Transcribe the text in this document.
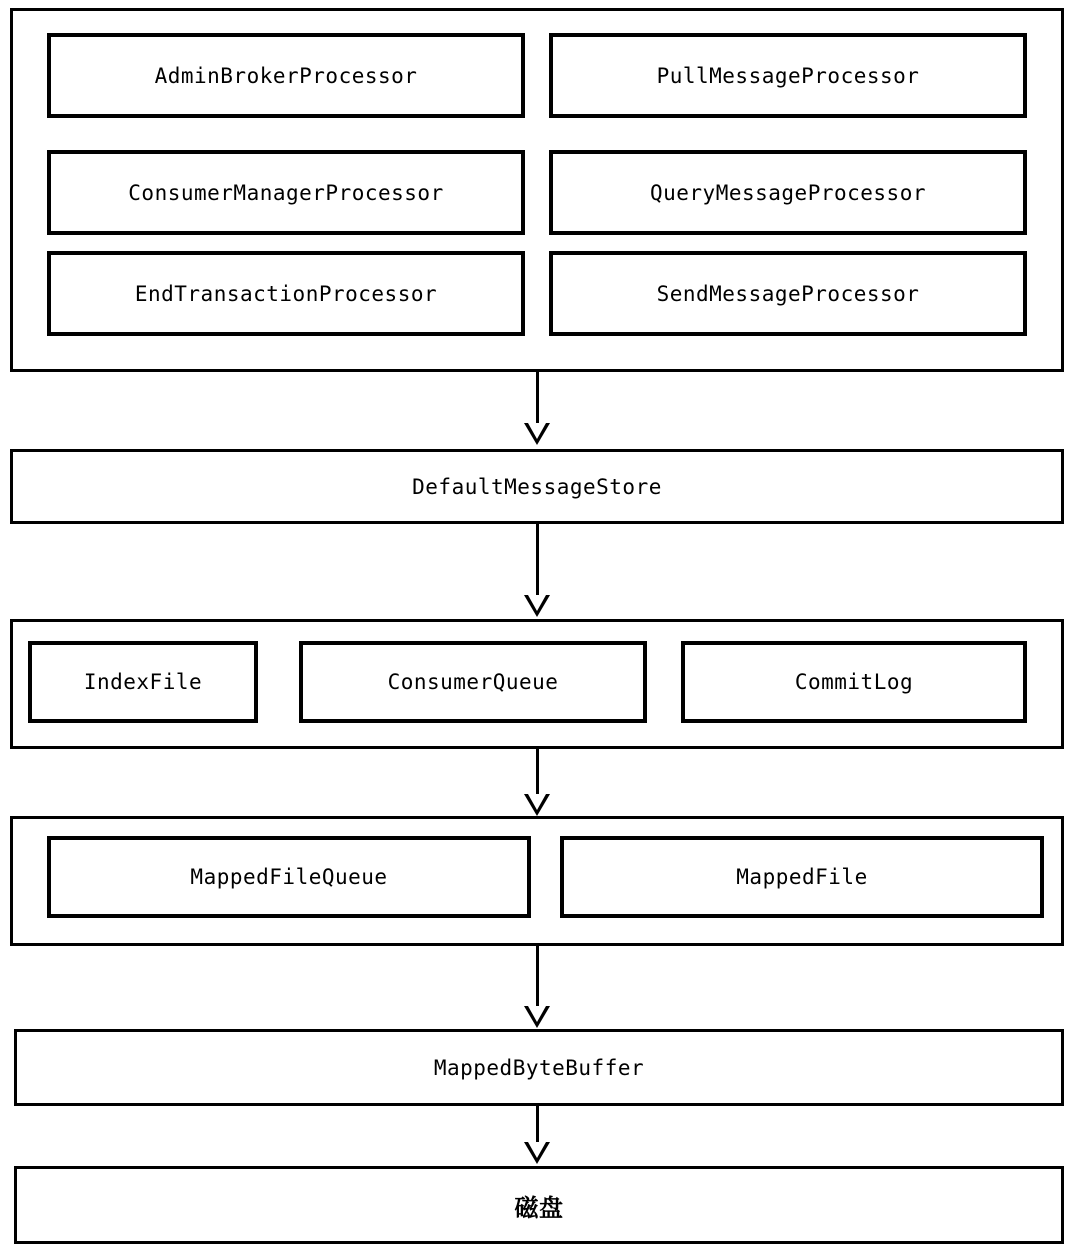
AdminBrokerProcessor	PullMessageProcessor
ConsumerManagerProcessor	QueryMessageProcessor
EndTransactionProcessor	SendMessageProcessor
DefaultMessageStore
IndexFile	ConsumerQueue	CommitLog
MappedFileQueue	MappedFile
MappedByteBuffer
磁盘
